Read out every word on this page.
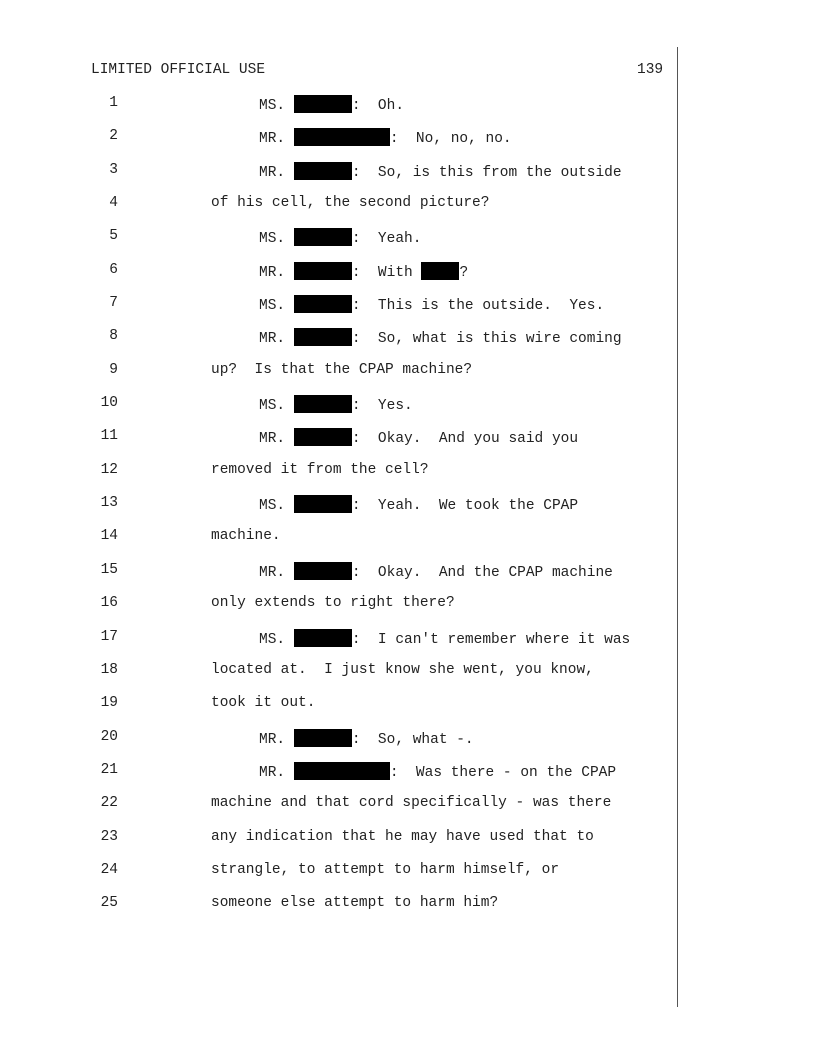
LIMITED OFFICIAL USE	139

1

	MS.	:  Oh.

2

	MR.	:  No, no, no.

3

	MR.	:  So, is this from the outside

4

	of his cell, the second picture?

5

	MS.	:  Yeah.

6

	MR.	:  With	?

7

	MS.	:  This is the outside.  Yes.

8

	MR.	:  So, what is this wire coming

9

	up?  Is that the CPAP machine?

10

	MS.	:  Yes.

11

	MR.	:  Okay.  And you said you

12

	removed it from the cell?

13

	MS.	:  Yeah.  We took the CPAP

14

	machine.

15

	MR.	:  Okay.  And the CPAP machine

16

	only extends to right there?

17

	MS.	:  I can't remember where it was

18

	located at.  I just know she went, you know,

19

	took it out.

20

	MR.	:  So, what -.

21

	MR.	:  Was there - on the CPAP

22

	machine and that cord specifically - was there

23

	any indication that he may have used that to

24

	strangle, to attempt to harm himself, or

25

	someone else attempt to harm him?
